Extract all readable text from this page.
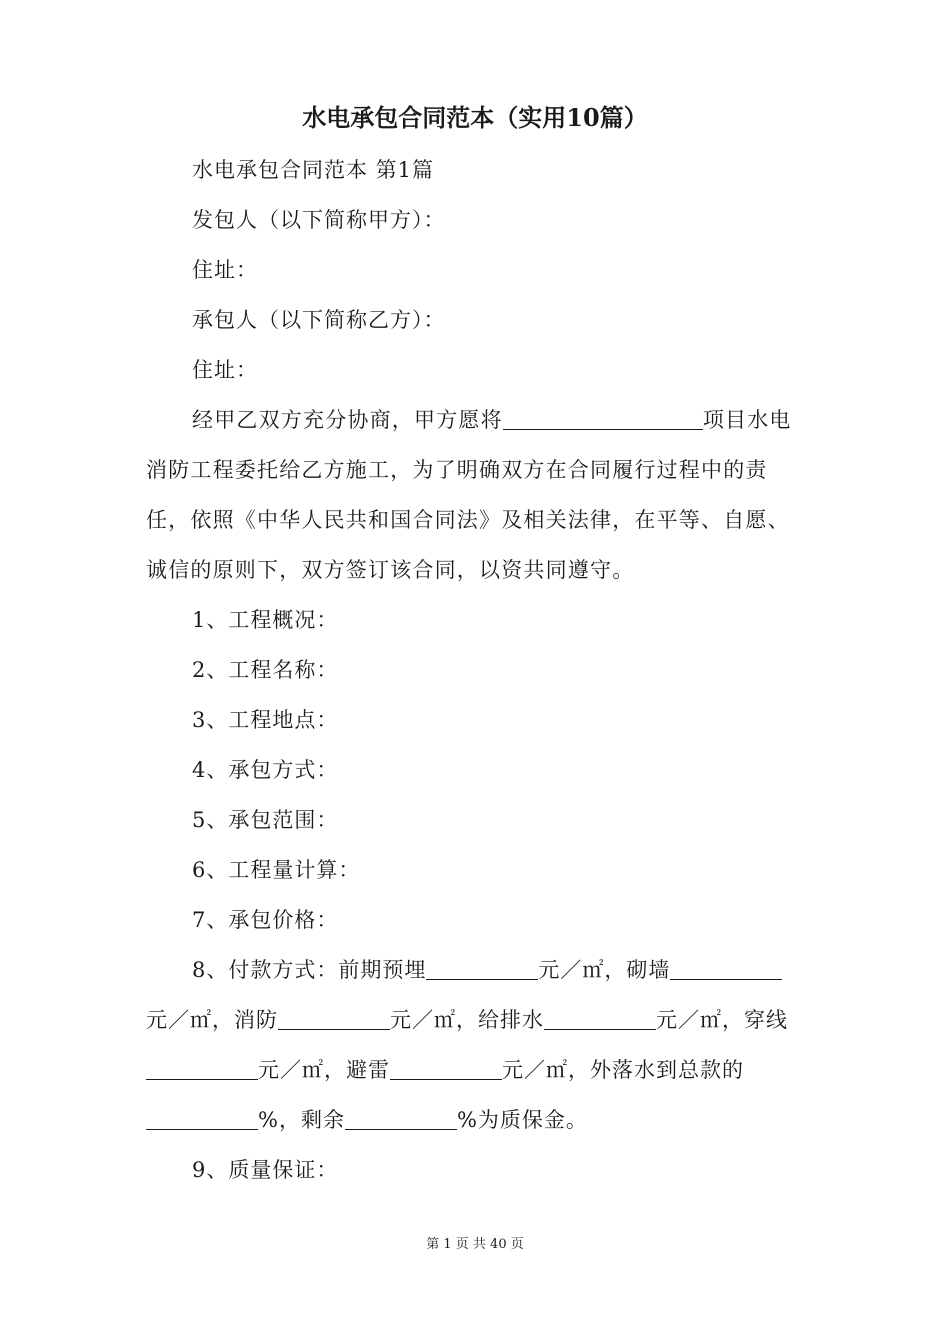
水电承包合同范本（实用10篇）
水电承包合同范本 第1篇
发包人（以下简称甲方）：
住址：
承包人（以下简称乙方）：
住址：
经甲乙双方充分协商，甲方愿将	项目水电消防工程委托给乙方施工，为了明确双方在合同履行过程中的责任，依照《中华人民共和国合同法》及相关法律，在平等、自愿、诚信的原则下，双方签订该合同，以资共同遵守。
1、工程概况：
2、工程名称：
3、工程地点：
4、承包方式：
5、承包范围：
6、工程量计算：
7、承包价格：
8、付款方式：前期预埋	元／㎡，砌墙
元／㎡，消防	元／㎡，给排水	元／㎡，穿线
元／㎡，避雷	元／㎡，外落水到总款的
%，剩余	%为质保金。
9、质量保证：
第 1 页 共 40 页
